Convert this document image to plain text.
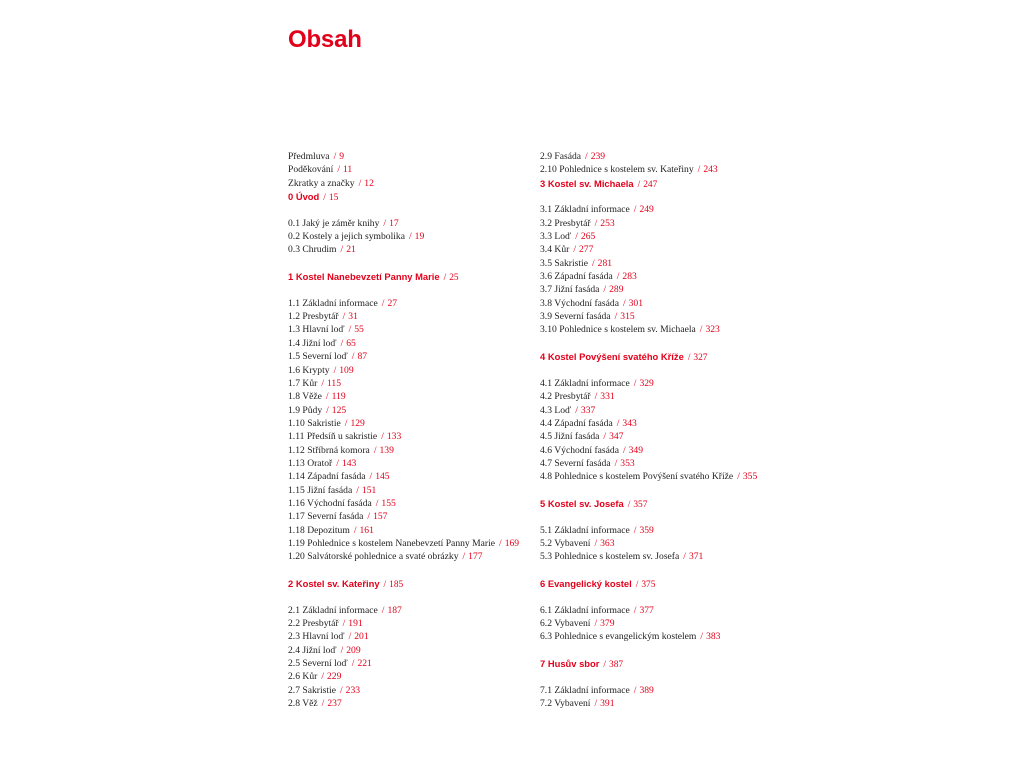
Obsah
Předmluva / 9
Poděkování / 11
Zkratky a značky / 12
0 Úvod / 15
0.1 Jaký je záměr knihy / 17
0.2 Kostely a jejich symbolika / 19
0.3 Chrudim / 21
1 Kostel Nanebevzetí Panny Marie / 25
1.1 Základní informace / 27
1.2 Presbytář / 31
1.3 Hlavní loď / 55
1.4 Jižní loď / 65
1.5 Severní loď / 87
1.6 Krypty / 109
1.7 Kůr / 115
1.8 Věže / 119
1.9 Půdy / 125
1.10 Sakristie / 129
1.11 Předsíň u sakristie / 133
1.12 Stříbrná komora / 139
1.13 Oratoř / 143
1.14 Západní fasáda / 145
1.15 Jižní fasáda / 151
1.16 Východní fasáda / 155
1.17 Severní fasáda / 157
1.18 Depozitum / 161
1.19 Pohlednice s kostelem Nanebevzetí Panny Marie / 169
1.20 Salvátorské pohlednice a svaté obrázky / 177
2 Kostel sv. Kateřiny / 185
2.1 Základní informace / 187
2.2 Presbytář / 191
2.3 Hlavní loď / 201
2.4 Jižní loď / 209
2.5 Severní loď / 221
2.6 Kůr / 229
2.7 Sakristie / 233
2.8 Věž / 237
2.9 Fasáda / 239
2.10 Pohlednice s kostelem sv. Kateřiny / 243
3 Kostel sv. Michaela / 247
3.1 Základní informace / 249
3.2 Presbytář / 253
3.3 Loď / 265
3.4 Kůr / 277
3.5 Sakristie / 281
3.6 Západní fasáda / 283
3.7 Jižní fasáda / 289
3.8 Východní fasáda / 301
3.9 Severní fasáda / 315
3.10 Pohlednice s kostelem sv. Michaela / 323
4 Kostel Povýšení svatého Kříže / 327
4.1 Základní informace / 329
4.2 Presbytář / 331
4.3 Loď / 337
4.4 Západní fasáda / 343
4.5 Jižní fasáda / 347
4.6 Východní fasáda / 349
4.7 Severní fasáda / 353
4.8 Pohlednice s kostelem Povýšení svatého Kříže / 355
5 Kostel sv. Josefa / 357
5.1 Základní informace / 359
5.2 Vybavení / 363
5.3 Pohlednice s kostelem sv. Josefa / 371
6 Evangelický kostel / 375
6.1 Základní informace / 377
6.2 Vybavení / 379
6.3 Pohlednice s evangelickým kostelem / 383
7 Husův sbor / 387
7.1 Základní informace / 389
7.2 Vybavení / 391
